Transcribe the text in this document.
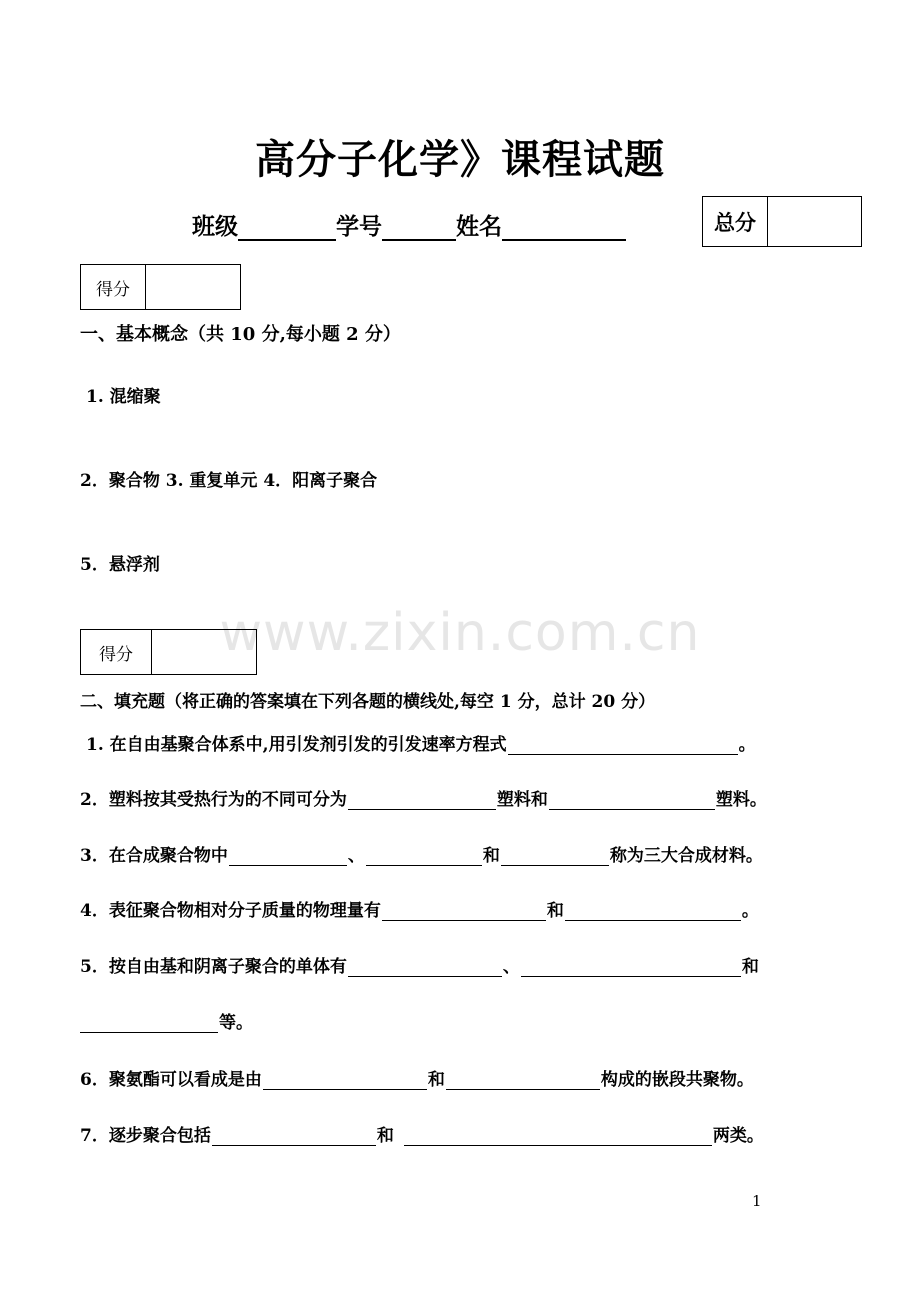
高分子化学》课程试题
班级	学号	姓名	总分
得分
一、基本概念（共 10 分,每小题 2 分）
1. 混缩聚
2．聚合物 3. 重复单元 4．阳离子聚合
5．悬浮剂
www.zixin.com.cn
得分
二、填充题（将正确的答案填在下列各题的横线处,每空 1 分，总计 20 分）
1. 在自由基聚合体系中,用引发剂引发的引发速率方程式	。
2．塑料按其受热行为的不同可分为	塑料和	塑料。
3．在合成聚合物中	、	和	称为三大合成材料。
4．表征聚合物相对分子质量的物理量有	和	。
5．按自由基和阴离子聚合的单体有	、	和
等。
6．聚氨酯可以看成是由	和	构成的嵌段共聚物。
7．逐步聚合包括	和	两类。
1
